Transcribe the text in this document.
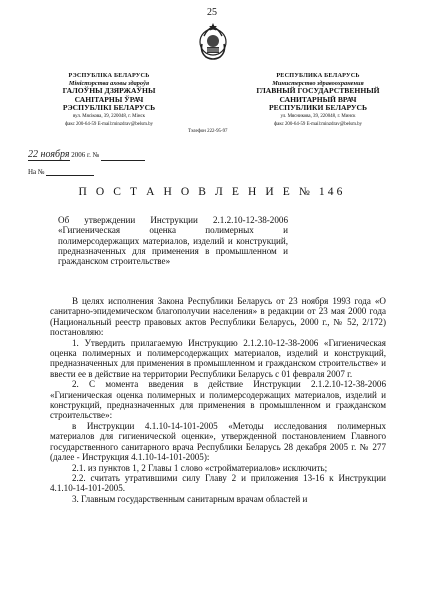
25
РЭСПУБЛIКА БЕЛАРУСЬ
Мiнiстэрства аховы здароўя
ГАЛОЎНЫ ДЗЯРЖАЎНЫ
САНIТАРНЫ ЎРАЧ
РЭСПУБЛIКI БЕЛАРУСЬ
вул. Мясiкова, 39, 220048, г. Мiнск
факс 200-64-59 E-mail:minzdrav@belsm.by
Тэлефон 222-95-97
РЕСПУБЛИКА БЕЛАРУСЬ
Министерство здравоохранения
ГЛАВНЫЙ ГОСУДАРСТВЕННЫЙ
САНИТАРНЫЙ ВРАЧ
РЕСПУБЛИКИ БЕЛАРУСЬ
ул. Мясникова, 39, 220048, г. Минск
факс 200-64-59 E-mail:minzdrav@belsm.by
22 ноября 2006 г. №
На №
П О С Т А Н О В Л Е Н И Е № 146
Об утверждении Инструкции 2.1.2.10-12-38-2006 «Гигиеническая оценка полимерных и полимерсодержащих материалов, изделий и конструкций, предназначенных для применения в промышленном и гражданском строительстве»

В целях исполнения Закона Республики Беларусь от 23 ноября 1993 года «О санитарно-эпидемическом благополучии населения» в редакции от 23 мая 2000 года (Национальный реестр правовых актов Республики Беларусь, 2000 г., № 52, 2/172) постановляю:

1. Утвердить прилагаемую Инструкцию 2.1.2.10-12-38-2006 «Гигиеническая оценка полимерных и полимерсодержащих материалов, изделий и конструкций, предназначенных для применения в промышленном и гражданском строительстве» и ввести ее в действие на территории Республики Беларусь с 01 февраля 2007 г.

2. С момента введения в действие Инструкции 2.1.2.10-12-38-2006 «Гигиеническая оценка полимерных и полимерсодержащих материалов, изделий и конструкций, предназначенных для применения в промышленном и гражданском строительстве»:

в Инструкции 4.1.10-14-101-2005 «Методы исследования полимерных материалов для гигиенической оценки», утвержденной постановлением Главного государственного санитарного врача Республики Беларусь 28 декабря 2005 г. № 277 (далее - Инструкция 4.1.10-14-101-2005):

2.1. из пунктов 1, 2 Главы 1 слово «стройматериалов» исключить;

2.2. считать утратившими силу Главу 2 и приложения 13-16 к Инструкции 4.1.10-14-101-2005.

3. Главным государственным санитарным врачам областей и
